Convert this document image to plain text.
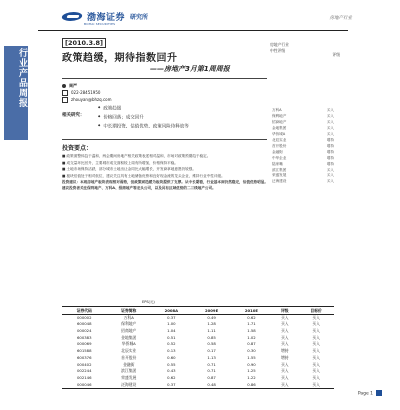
渤海证券 研究所
BOHAI SECURITIES
房地产行业
行业产品周报
[2010.3.8]
政策趋缓，期待指数回升
——房地产3月第1周周报
房地产行业
中性评级
评级
周严
022-28451950
zhouyan@bhzq.com
相关研究：
◆ 政策趋缓
◆ 价格回落；成交回升
◆ 中长期投资、估值优势、政策风险待释放等
投资要点：

■ 政策面整体趋于温和，两会期间房地产相关政策表述相对温和，市场对政策预期趋于稳定。

■ 成交量环比回升，主要城市成交面积较上周有所增加，价格保持平稳。

■ 土地市场保持活跃，部分城市土地出让金同比大幅增长，开发商拿地意愿仍较强。

■ 板块估值处于相对低位，建议关注具有土地储备优势和良好现金流的龙头企业，维持行业中性评级。

投资建议：本周房地产板块表现相对弱势，但政策面趋缓为板块提供了支撑。从中长期看，行业基本面仍然稳定，估值优势明显。建议投资者关注保利地产、万科A、招商地产等龙头公司，以及具有区域优势的二三线地产公司。

万科A	买入
保利地产	买入
招商地产	买入
金地集团	买入
华侨城A	买入
北辰实业	增持
首开股份	增持
金融街	增持
中华企业	增持
陆家嘴	增持
滨江集团	买入
荣盛发展	买入
泛海建设	买入
EPS(元)
证券代码	证券简称	2008A	2009E	2010E	评级	目标价
000002	万科A	0.37	0.49	0.62	买入	买入
600048	保利地产	1.00	1.28	1.71	买入	买入
000024	招商地产	1.04	1.11	1.58	买入	买入
600383	金地集团	0.51	0.85	1.02	买入	买入
000069	华侨城A	0.52	0.58	0.87	买入	买入
601588	北辰实业	0.13	0.17	0.30	增持	买入
600376	首开股份	0.60	1.13	1.55	增持	买入
000402	金融街	0.55	0.71	0.90	买入	买入
002244	滨江集团	0.43	0.71	1.25	买入	买入
002146	荣盛发展	0.62	0.87	1.22	买入	买入
000046	泛海建设	0.37	0.48	0.86	买入	买入
Page 1
